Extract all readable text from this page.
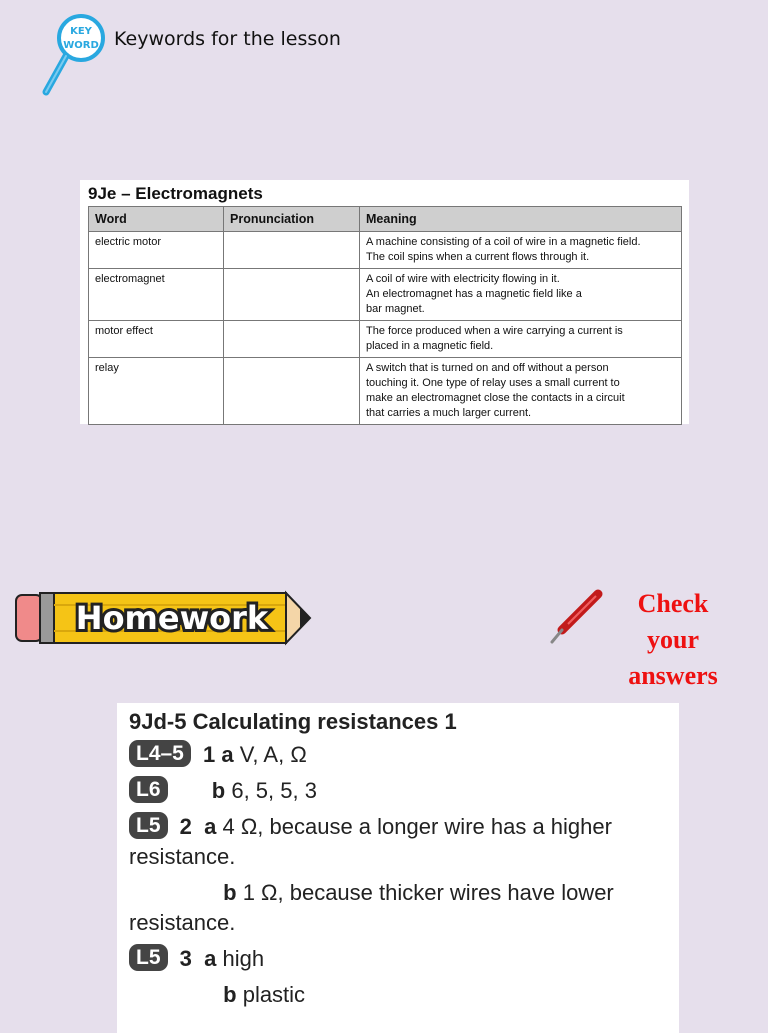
KEY
WORD Keywords for the lesson
9Je – Electromagnets
Word	Pronunciation	Meaning
electric motor		A machine consisting of a coil of wire in a magnetic field.
The coil spins when a current flows through it.

electromagnet		A coil of wire with electricity flowing in it.
An electromagnet has a magnetic field like a
bar magnet.

motor effect		The force produced when a wire carrying a current is
placed in a magnetic field.

relay		A switch that is turned on and off without a person
touching it. One type of relay uses a small current to
make an electromagnet close the contacts in a circuit
that carries a much larger current.
Homework	Check
your
answers
9Jd-5 Calculating resistances 1
L4–5 1 a V, A, Ω
L6 b 6, 5, 5, 3
L5 2 a 4 Ω, because a longer wire has a higher
resistance.
b 1 Ω, because thicker wires have lower
resistance.
L5 3 a high
b plastic
